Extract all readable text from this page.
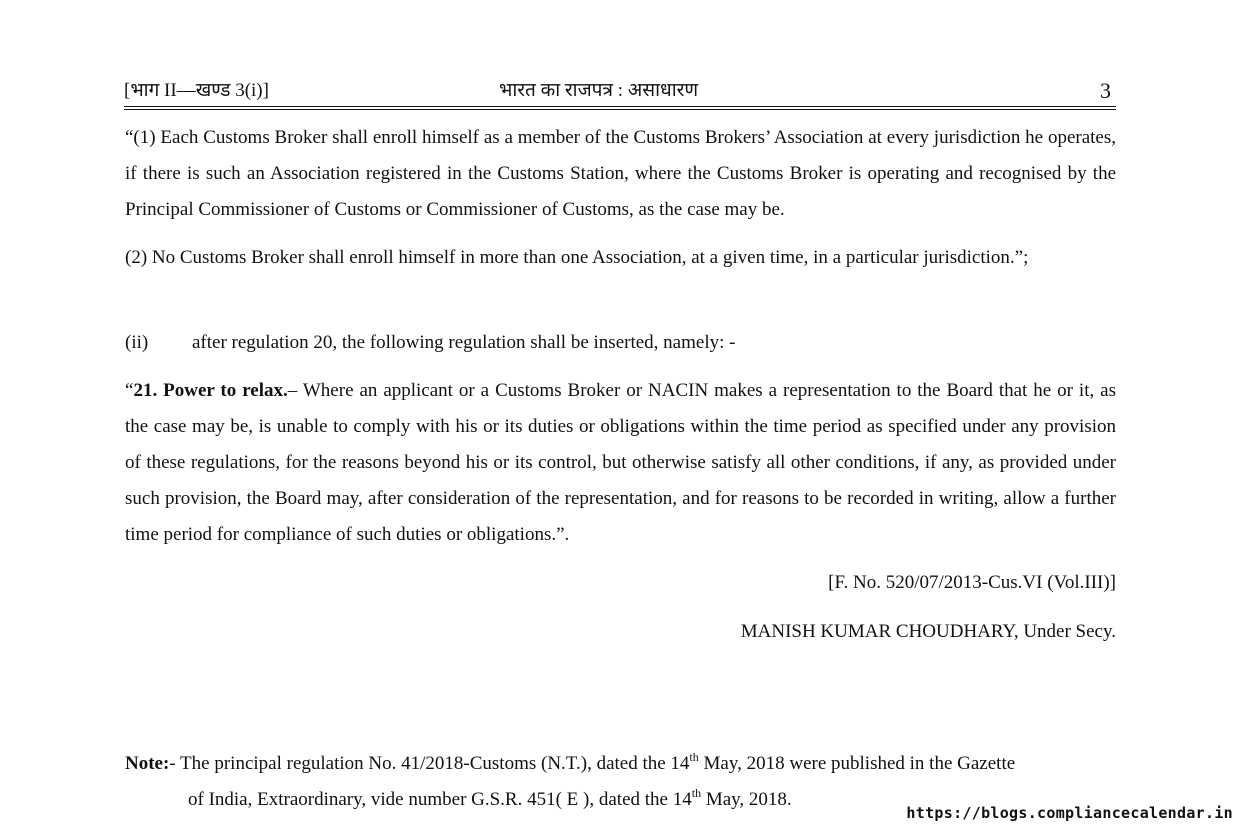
[भाग II—खण्ड 3(i)]	भारत का राजपत्र : असाधारण	3

“(1) Each Customs Broker shall enroll himself as a member of the Customs Brokers’ Association at every jurisdiction he operates, if there is such an Association registered in the Customs Station, where the Customs Broker is operating and recognised by the Principal Commissioner of Customs or Commissioner of Customs, as the case may be.

(2) No Customs Broker shall enroll himself in more than one Association, at a given time, in a particular jurisdiction.”;

(ii) after regulation 20, the following regulation shall be inserted, namely: -

“21. Power to relax.– Where an applicant or a Customs Broker or NACIN makes a representation to the Board that he or it, as the case may be, is unable to comply with his or its duties or obligations within the time period as specified under any provision of these regulations, for the reasons beyond his or its control, but otherwise satisfy all other conditions, if any, as provided under such provision, the Board may, after consideration of the representation, and for reasons to be recorded in writing, allow a further time period for compliance of such duties or obligations.”.

[F. No. 520/07/2013-Cus.VI (Vol.III)]
MANISH KUMAR CHOUDHARY, Under Secy.

Note:- The principal regulation No. 41/2018-Customs (N.T.), dated the 14th May, 2018 were published in the Gazette
of India, Extraordinary, vide number G.S.R. 451( E ), dated the 14th May, 2018.

https://blogs.compliancecalendar.in
